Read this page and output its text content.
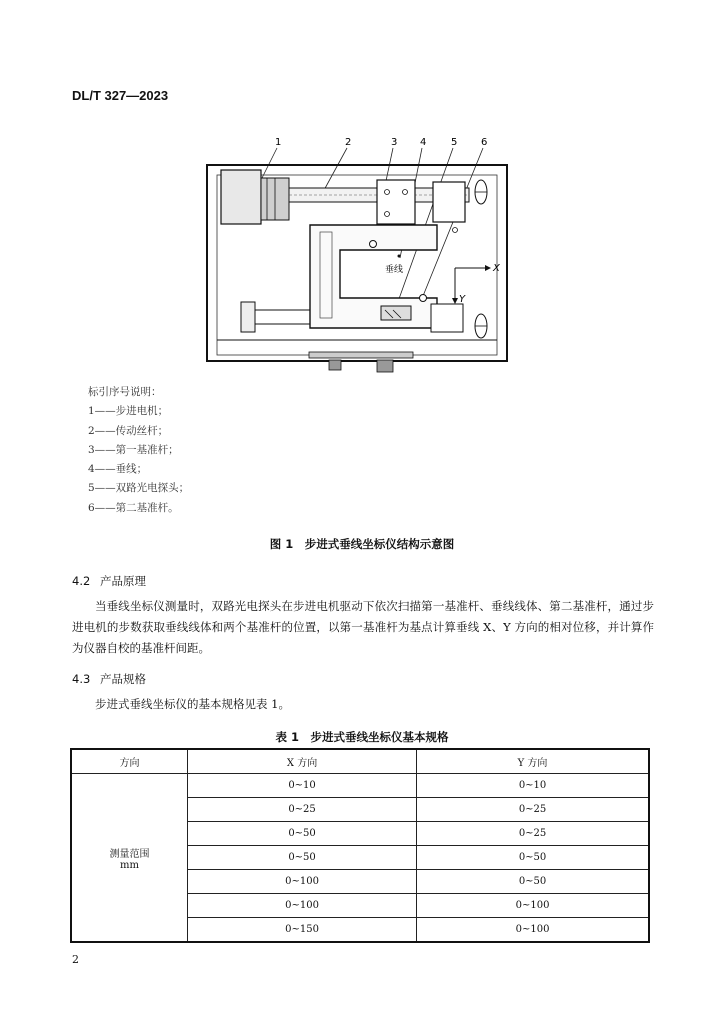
DL/T 327—2023
1	2	3 4 5 6
垂线	X
Y
标引序号说明：
1——步进电机；
2——传动丝杆；
3——第一基准杆；
4——垂线；
5——双路光电探头；
6——第二基准杆。
图 1　步进式垂线坐标仪结构示意图
4.2 产品原理
当垂线坐标仪测量时，双路光电探头在步进电机驱动下依次扫描第一基准杆、垂线线体、第二基准杆，通过步进电机的步数获取垂线线体和两个基准杆的位置，以第一基准杆为基点计算垂线 X、Y 方向的相对位移，并计算作为仪器自校的基准杆间距。
4.3 产品规格
步进式垂线坐标仪的基本规格见表 1。
表 1　步进式垂线坐标仪基本规格
方向	X 方向	Y 方向

测量范围
mm	0~10	0~10
	0~25	0~25
	0~50	0~25
	0~50	0~50
	0~100	0~50
	0~100	0~100
	0~150	0~100
2
